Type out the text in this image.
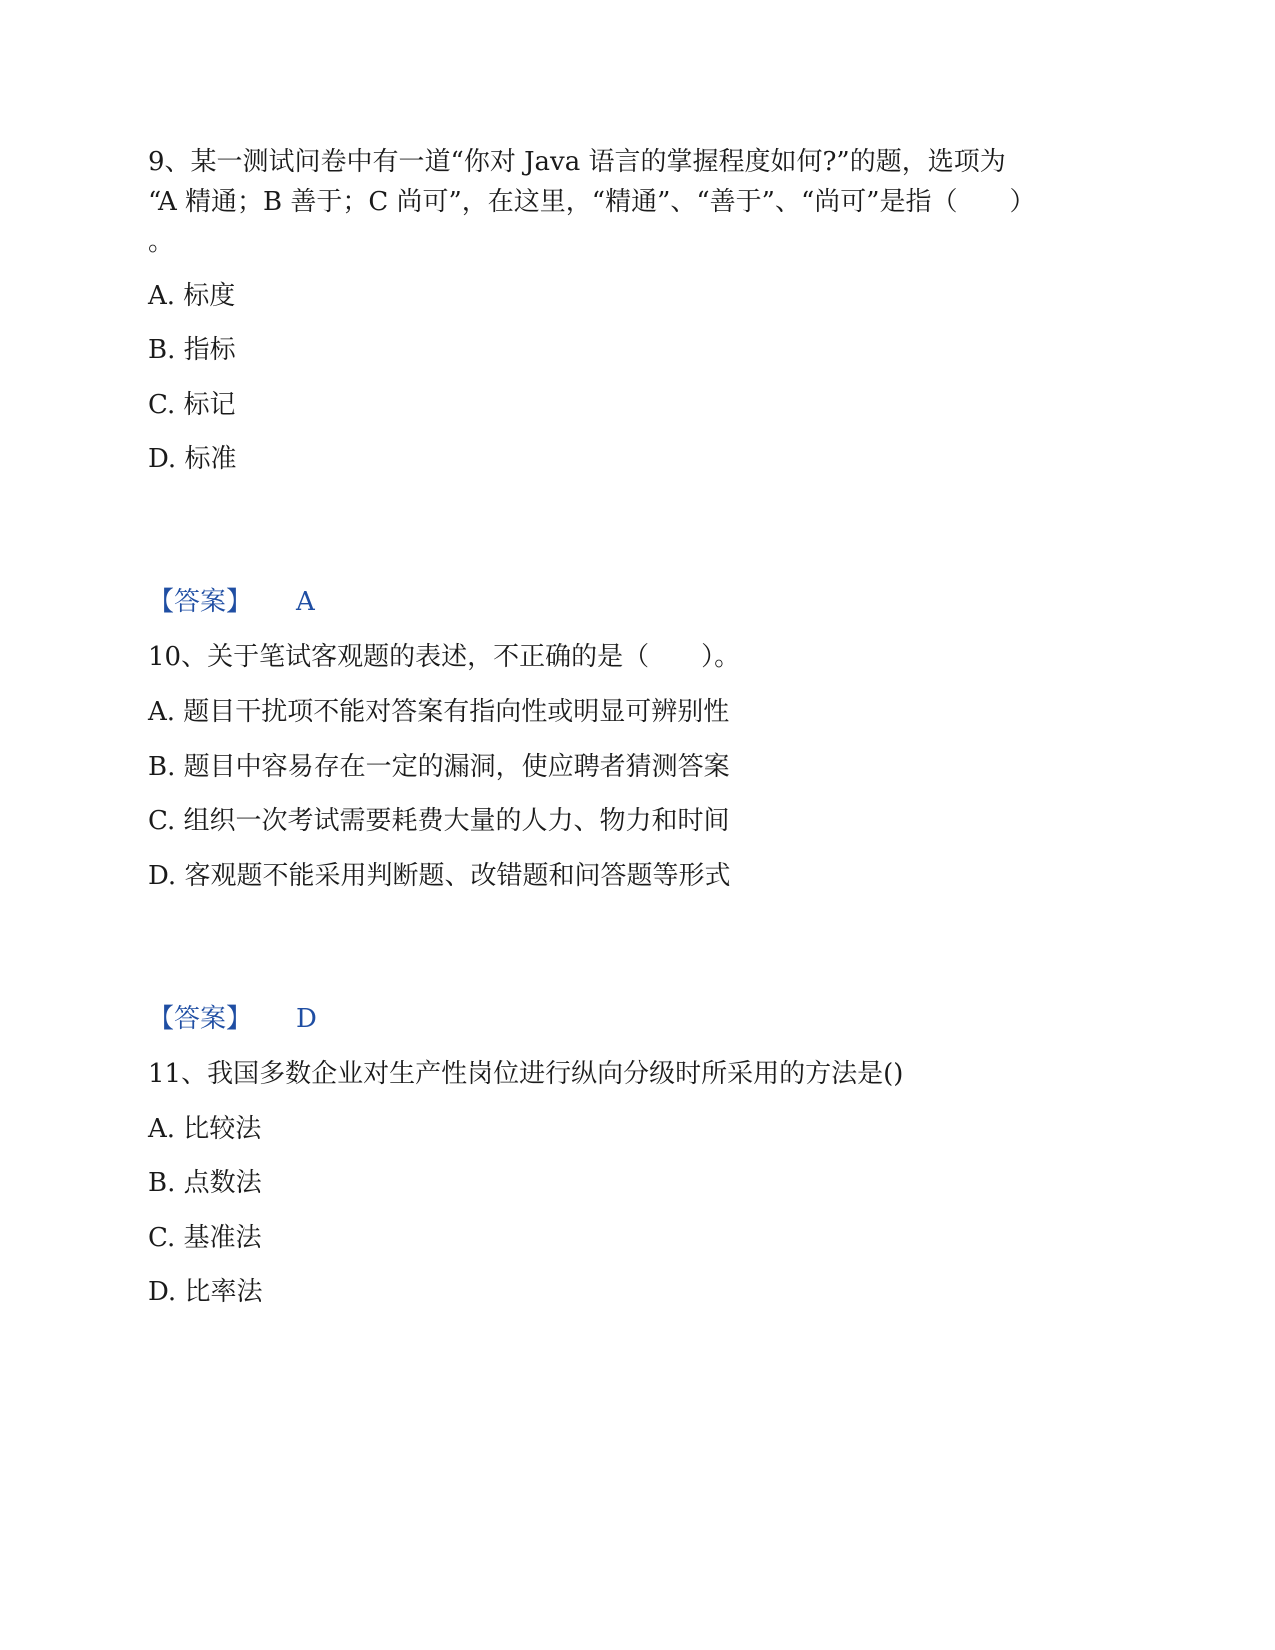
9、某一测试问卷中有一道“你对 Java 语言的掌握程度如何?”的题，选项为
“A 精通；B 善于；C 尚可”，在这里，“精通”、“善于”、“尚可”是指（　　）
。
A. 标度
B. 指标
C. 标记
D. 标准
【答案】 A
10、关于笔试客观题的表述，不正确的是（　　）。
A. 题目干扰项不能对答案有指向性或明显可辨别性
B. 题目中容易存在一定的漏洞，使应聘者猜测答案
C. 组织一次考试需要耗费大量的人力、物力和时间
D. 客观题不能采用判断题、改错题和问答题等形式
【答案】 D
11、我国多数企业对生产性岗位进行纵向分级时所采用的方法是()
A. 比较法
B. 点数法
C. 基准法
D. 比率法
